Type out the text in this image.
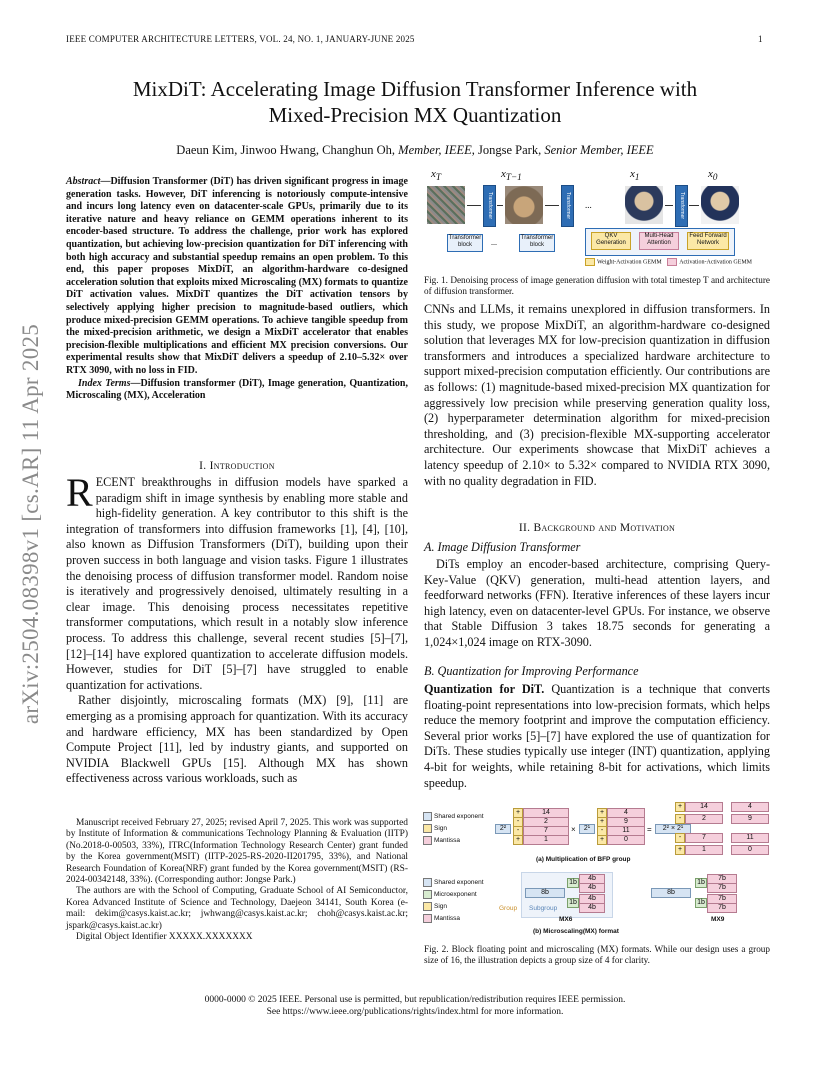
IEEE COMPUTER ARCHITECTURE LETTERS, VOL. 24, NO. 1, JANUARY-JUNE 2025	1
MixDiT: Accelerating Image Diffusion Transformer Inference with
Mixed-Precision MX Quantization
Daeun Kim, Jinwoo Hwang, Changhun Oh, Member, IEEE, Jongse Park, Senior Member, IEEE
arXiv:2504.08398v1 [cs.AR] 11 Apr 2025
Abstract—Diffusion Transformer (DiT) has driven significant progress in image generation tasks. However, DiT inferencing is notoriously compute-intensive and incurs long latency even on datacenter-scale GPUs, primarily due to its iterative nature and heavy reliance on GEMM operations inherent to its encoder-based structure. To address the challenge, prior work has explored quantization, but achieving low-precision quantization for DiT inferencing with both high accuracy and substantial speedup remains an open problem. To this end, this paper proposes MixDiT, an algorithm-hardware co-designed acceleration solution that exploits mixed Microscaling (MX) formats to quantize DiT activation values. MixDiT quantizes the DiT activation tensors by selectively applying higher precision to magnitude-based outliers, which produce mixed-precision GEMM operations. To achieve tangible speedup from the mixed-precision arithmetic, we design a MixDiT accelerator that enables precision-flexible multiplications and efficient MX precision conversions. Our experimental results show that MixDiT delivers a speedup of 2.10–5.32× over RTX 3090, with no loss in FID.
Index Terms—Diffusion transformer (DiT), Image generation, Quantization, Microscaling (MX), Acceleration
I. Introduction
RECENT breakthroughs in diffusion models have sparked a paradigm shift in image synthesis by enabling more stable and high-fidelity generation. A key contributor to this shift is the integration of transformers into diffusion frameworks [1], [4], [10], also known as Diffusion Transformers (DiT), building upon their proven success in both language and vision tasks. Figure 1 illustrates the denoising process of diffusion transformer model. Random noise is iteratively and progressively denoised, ultimately resulting in a clear image. This denoising process necessitates repetitive transformer computations, which result in a notably slow inference process. To address this challenge, several recent studies [5]–[7], [12]–[14] have explored quantization to accelerate diffusion models. However, studies for DiT [5]–[7] have struggled to enable quantization for activations.
Rather disjointly, microscaling formats (MX) [9], [11] are emerging as a promising approach for quantization. With its accuracy and hardware efficiency, MX has been standardized by Open Compute Project [11], led by industry giants, and supported on NVIDIA Blackwell GPUs [15]. Although MX has shown effectiveness across various workloads, such as
Manuscript received February 27, 2025; revised April 7, 2025. This work was supported by Institute of Information & communications Technology Planning & Evaluation (IITP) (No.2018-0-00503, 33%), ITRC(Information Technology Research Center) grant funded by the Korea government(MSIT) (IITP-2025-RS-2020-II201795, 33%), and National Research Foundation of Korea(NRF) grant funded by the Korea government(MSIT) (RS-2024-00342148, 33%). (Corresponding author: Jongse Park.)
The authors are with the School of Computing, Graduate School of AI Semiconductor, Korea Advanced Institute of Science and Technology, Daejeon 34141, South Korea (e-mail: dekim@casys.kaist.ac.kr; jwhwang@casys.kaist.ac.kr; choh@casys.kaist.ac.kr; jspark@casys.kaist.ac.kr)
Digital Object Identifier XXXXX.XXXXXXX
$x_T$	$x_{T-1}$	$x_1$	$x_0$
Transformer	Transformer	...	Transformer
Transformer block	...	Transformer block
QKV Generation
Multi-Head Attention
Feed Forward Network
Weight-Activation GEMM	Activation-Activation GEMM
Fig. 1. Denoising process of image generation diffusion with total timestep T and architecture of diffusion transformer.
CNNs and LLMs, it remains unexplored in diffusion transformers. In this study, we propose MixDiT, an algorithm-hardware co-designed solution that leverages MX for low-precision quantization in diffusion transformers and introduces a specialized hardware architecture to support mixed-precision computation efficiently. Our contributions are as follows: (1) magnitude-based mixed-precision MX quantization for aggressively low precision while preserving generation quality loss, (2) hyperparameter determination algorithm for mixed-precision thresholding, and (3) precision-flexible MX-supporting accelerator architecture. Our experiments showcase that MixDiT achieves a latency speedup of 2.10× to 5.32× compared to NVIDIA RTX 3090, with no quality degradation in FID.
II. Background and Motivation
A. Image Diffusion Transformer
DiTs employ an encoder-based architecture, comprising Query-Key-Value (QKV) generation, multi-head attention layers, and feedforward networks (FFN). Iterative inferences of these layers incur high latency, even on datacenter-level GPUs. For instance, we observe that Stable Diffusion 3 takes 18.75 seconds for generating a 1,024×1,024 image on RTX-3090.
B. Quantization for Improving Performance
Quantization for DiT. Quantization is a technique that converts floating-point representations into low-precision formats, which helps reduce the memory footprint and improve the computation efficiency. Several prior works [5]–[7] have explored the use of quantization for DiTs. These studies typically use integer (INT) quantization, applying 4-bit for weights, while retaining 8-bit for activations, which limits speedup.
Shared exponent
Sign
Mantissa
2²
+
-
-
+
14
2
7
1
×	2¹
+
+
-
+
4
9
11
0
=	2² × 2¹
+
-
-
+
14
2
7
1
4
9
11
0
(a) Multiplication of BFP group
Shared exponent
Microexponent
Sign
Mantissa
8b
1b
1b
4b
4b
4b
4b
Group Subgroup
MX6
8b
1b
1b
7b
7b
7b
7b
MX9
(b) Microscaling(MX) format
Fig. 2. Block floating point and microscaling (MX) formats. While our design uses a group size of 16, the illustration depicts a group size of 4 for clarity.
0000-0000 © 2025 IEEE. Personal use is permitted, but republication/redistribution requires IEEE permission.
See https://www.ieee.org/publications/rights/index.html for more information.
